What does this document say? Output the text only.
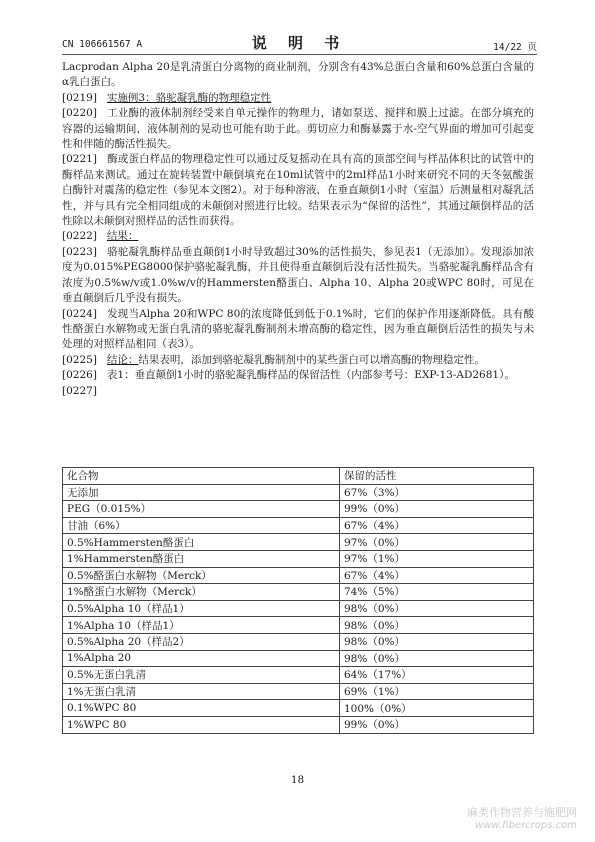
CN 106661567 A	说 明 书	14/22 页

Lacprodan Alpha 20是乳清蛋白分离物的商业制剂，分别含有43%总蛋白含量和60%总蛋白含量的α乳白蛋白。

[0219] 实施例3：骆驼凝乳酶的物理稳定性

[0220] 工业酶的液体制剂经受来自单元操作的物理力，诸如泵送、搅拌和膜上过滤。在部分填充的容器的运输期间，液体制剂的晃动也可能有助于此。剪切应力和酶暴露于水-空气界面的增加可引起变性和伴随的酶活性损失。

[0221] 酶或蛋白样品的物理稳定性可以通过反复摇动在具有高的顶部空间与样品体积比的试管中的酶样品来测试。通过在旋转装置中颠倒填充在10ml试管中的2ml样品1小时来研究不同的天冬氨酸蛋白酶针对震荡的稳定性（参见本文图2）。对于每种溶液，在垂直颠倒1小时（室温）后测量相对凝乳活性，并与具有完全相同组成的未颠倒对照进行比较。结果表示为“保留的活性”，其通过颠倒样品的活性除以未颠倒对照样品的活性而获得。

[0222] 结果：

[0223] 骆驼凝乳酶样品垂直颠倒1小时导致超过30%的活性损失，参见表1（无添加）。发现添加浓度为0.015%PEG8000保护骆驼凝乳酶，并且使得垂直颠倒后没有活性损失。当骆驼凝乳酶样品含有浓度为0.5%w/v或1.0%w/v的Hammersten酪蛋白、Alpha 10、Alpha 20或WPC 80时，可见在垂直颠倒后几乎没有损失。

[0224] 发现当Alpha 20和WPC 80的浓度降低到低于0.1%时，它们的保护作用逐渐降低。具有酸性酪蛋白水解物或无蛋白乳清的骆驼凝乳酶制剂未增高酶的稳定性，因为垂直颠倒后活性的损失与未处理的对照样品相同（表3）。

[0225] 结论：结果表明，添加到骆驼凝乳酶制剂中的某些蛋白可以增高酶的物理稳定性。

[0226] 表1：垂直颠倒1小时的骆驼凝乳酶样品的保留活性（内部参考号：EXP-13-AD2681）。

[0227]

化合物	保留的活性
无添加	67%（3%）
PEG（0.015%）	99%（0%）
甘油（6%）	67%（4%）
0.5%Hammersten酪蛋白	97%（0%）
1%Hammersten酪蛋白	97%（1%）
0.5%酪蛋白水解物（Merck）	67%（4%）
1%酪蛋白水解物（Merck）	74%（5%）
0.5%Alpha 10（样品1）	98%（0%）
1%Alpha 10（样品1）	98%（0%）
0.5%Alpha 20（样品2）	98%（0%）
1%Alpha 20	98%（0%）
0.5%无蛋白乳清	64%（17%）
1%无蛋白乳清	69%（1%）
0.1%WPC 80	100%（0%）
1%WPC 80	99%（0%）
18
麻类作物营养与施肥网
www.fibercrops.com
